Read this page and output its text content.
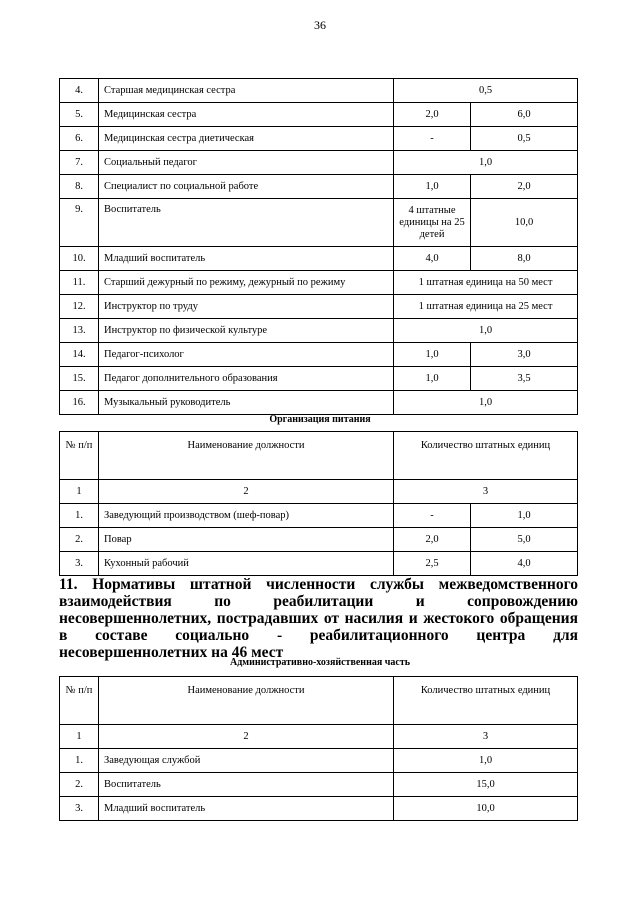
36
4.	Старшая медицинская сестра	0,5	
5.	Медицинская сестра	2,0	6,0
6.	Медицинская сестра диетическая	-	0,5
7.	Социальный педагог	1,0	
8.	Специалист по социальной работе	1,0	2,0
9.	Воспитатель	4 штатные единицы на 25 детей	10,0
10.	Младший воспитатель	4,0	8,0
11.	Старший дежурный по режиму, дежурный по режиму	1 штатная единица на 50 мест	
12.	Инструктор по труду	1 штатная единица на 25 мест	
13.	Инструктор по физической культуре	1,0	
14.	Педагог-психолог	1,0	3,0
15.	Педагог дополнительного образования	1,0	3,5
16.	Музыкальный руководитель	1,0	
Организация питания
№ п/п	Наименование должности	Количество штатных единиц	
1	2	3	
1.	Заведующий производством (шеф-повар)	-	1,0
2.	Повар	2,0	5,0
3.	Кухонный рабочий	2,5	4,0
11. Нормативы штатной численности службы межведомственного взаимодействия по реабилитации и сопровождению несовершеннолетних, пострадавших от насилия и жестокого обращения в составе социально - реабилитационного центра для несовершеннолетних на 46 мест
Административно-хозяйственная часть
№ п/п	Наименование должности	Количество штатных единиц
1	2	3
1.	Заведующая службой	1,0
2.	Воспитатель	15,0
3.	Младший воспитатель	10,0
